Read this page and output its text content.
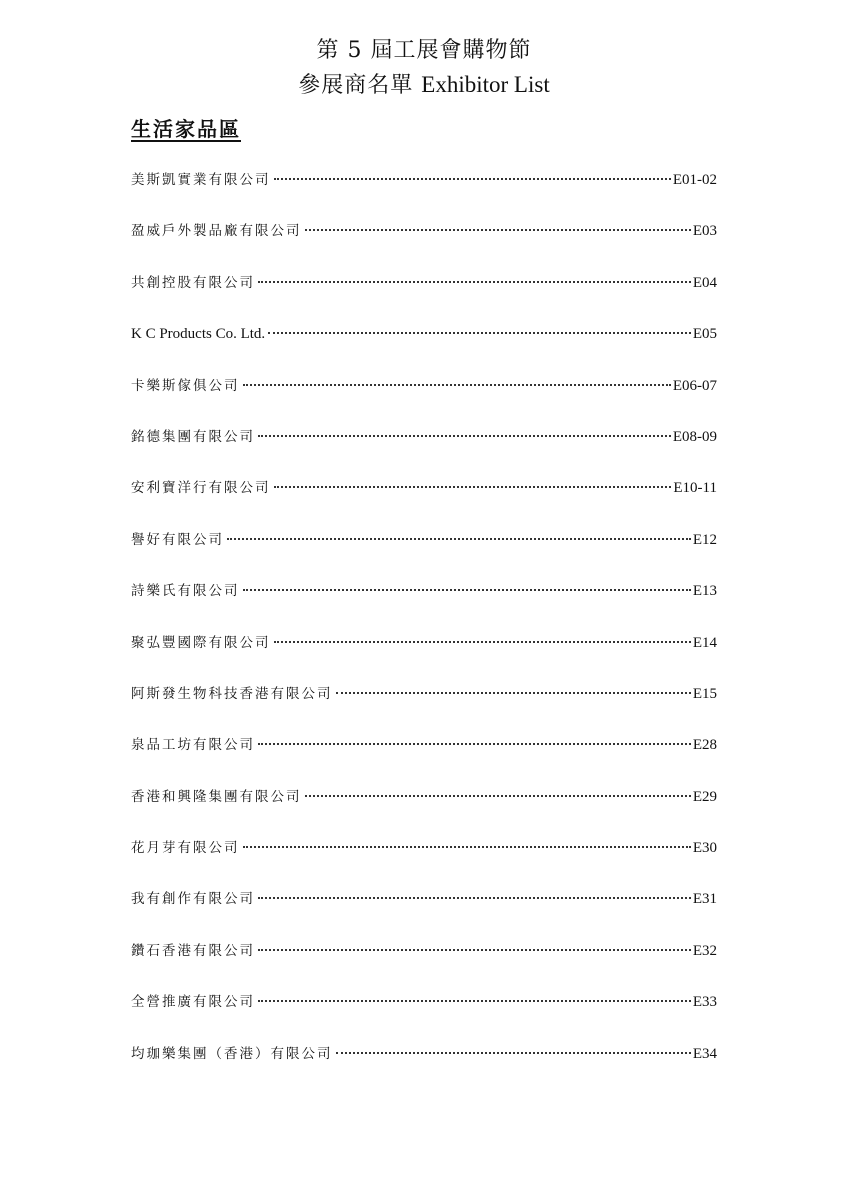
第 5 屆工展會購物節
參展商名單 Exhibitor List
生活家品區
美斯凱實業有限公司	E01-02
盈威戶外製品廠有限公司	E03
共創控股有限公司	E04
K C Products Co. Ltd.	E05
卡樂斯傢俱公司	E06-07
銘德集團有限公司	E08-09
安利寶洋行有限公司	E10-11
譽好有限公司	E12
詩樂氏有限公司	E13
聚弘豐國際有限公司	E14
阿斯發生物科技香港有限公司	E15
泉品工坊有限公司	E28
香港和興隆集團有限公司	E29
花月芽有限公司	E30
我有創作有限公司	E31
鑽石香港有限公司	E32
全營推廣有限公司	E33
均珈樂集團（香港）有限公司	E34
